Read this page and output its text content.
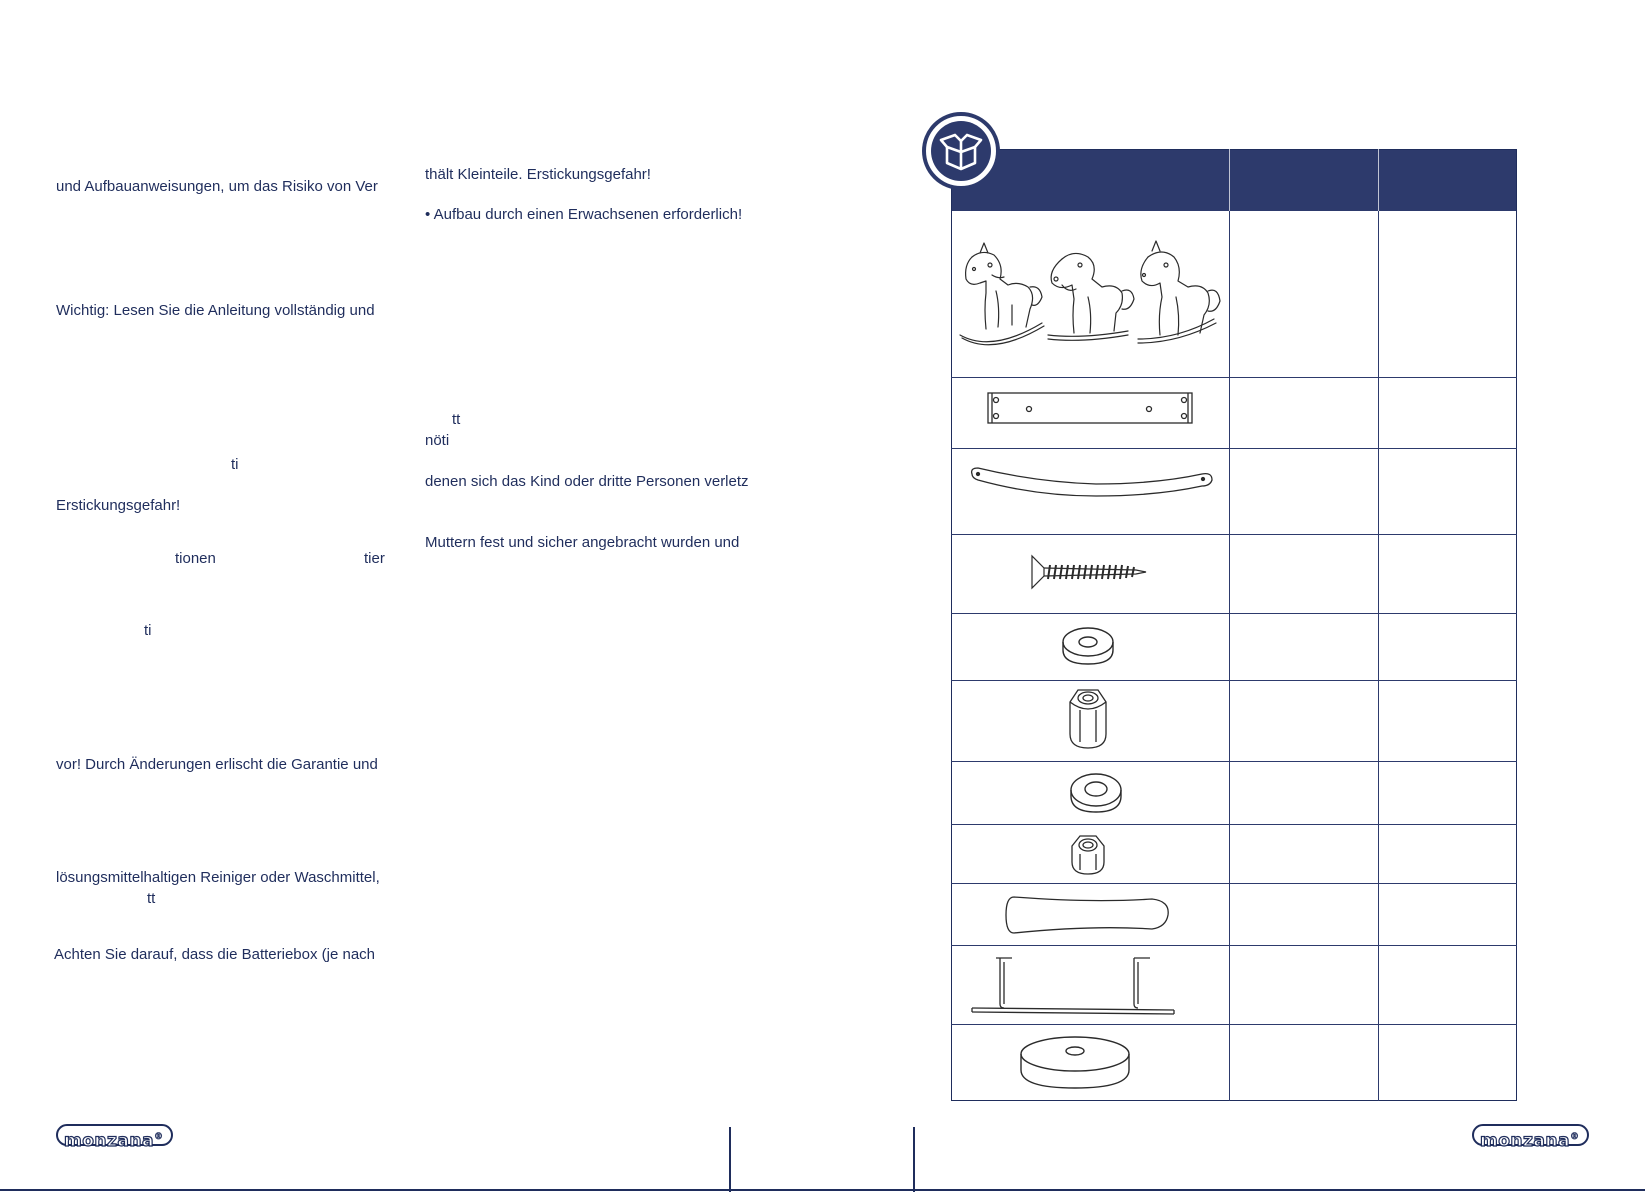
und Aufbauanweisungen, um das Risiko von Ver
Wichtig: Lesen Sie die Anleitung vollständig und
ti
Erstickungsgefahr!
tionen	tier
ti
vor! Durch Änderungen erlischt die Garantie und
lösungsmittelhaltigen Reiniger oder Waschmittel,
tt
Achten Sie darauf, dass die Batteriebox (je nach
thält Kleinteile. Erstickungsgefahr!
• Aufbau durch einen Erwachsenen erforderlich!
tt
nöti
denen sich das Kind oder dritte Personen verletz
Muttern fest und sicher angebracht wurden und
monzana®	monzana®
